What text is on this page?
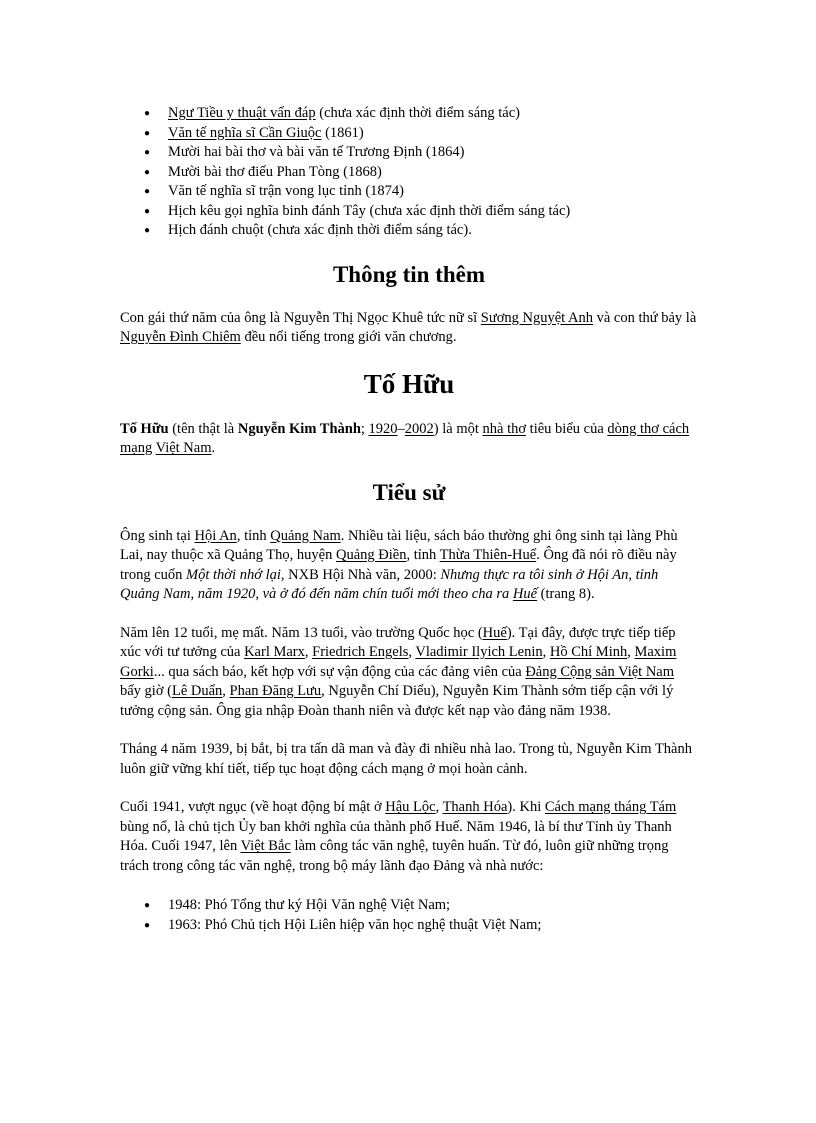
● Ngư Tiều y thuật vấn đáp (chưa xác định thời điểm sáng tác)
● Văn tế nghĩa sĩ Cần Giuộc (1861)
● Mười hai bài thơ và bài văn tế Trương Định (1864)
● Mười bài thơ điếu Phan Tòng (1868)
● Văn tế nghĩa sĩ trận vong lục tỉnh (1874)
● Hịch kêu gọi nghĩa binh đánh Tây (chưa xác định thời điểm sáng tác)
● Hịch đánh chuột (chưa xác định thời điểm sáng tác).
Thông tin thêm

Con gái thứ năm của ông là Nguyễn Thị Ngọc Khuê tức nữ sĩ Sương Nguyệt Anh và con thứ bảy là Nguyễn Đình Chiêm đều nổi tiếng trong giới văn chương.

Tố Hữu

Tố Hữu (tên thật là Nguyễn Kim Thành; 1920–2002) là một nhà thơ tiêu biểu của dòng thơ cách mạng Việt Nam.

Tiểu sử

Ông sinh tại Hội An, tỉnh Quảng Nam. Nhiều tài liệu, sách báo thường ghi ông sinh tại làng Phù Lai, nay thuộc xã Quảng Thọ, huyện Quảng Điền, tỉnh Thừa Thiên-Huế. Ông đã nói rõ điều này trong cuốn Một thời nhớ lại, NXB Hội Nhà văn, 2000: Nhưng thực ra tôi sinh ở Hội An, tỉnh Quảng Nam, năm 1920, và ở đó đến năm chín tuổi mới theo cha ra Huế (trang 8).

Năm lên 12 tuổi, mẹ mất. Năm 13 tuổi, vào trường Quốc học (Huế). Tại đây, được trực tiếp tiếp xúc với tư tưởng của Karl Marx, Friedrich Engels, Vladimir Ilyich Lenin, Hồ Chí Minh, Maxim Gorki... qua sách báo, kết hợp với sự vận động của các đảng viên của Đảng Cộng sản Việt Nam bấy giờ (Lê Duẩn, Phan Đăng Lưu, Nguyễn Chí Diểu), Nguyễn Kim Thành sớm tiếp cận với lý tưởng cộng sản. Ông gia nhập Đoàn thanh niên và được kết nạp vào đảng năm 1938.

Tháng 4 năm 1939, bị bắt, bị tra tấn dã man và đày đi nhiều nhà lao. Trong tù, Nguyễn Kim Thành luôn giữ vững khí tiết, tiếp tục hoạt động cách mạng ở mọi hoàn cảnh.

Cuối 1941, vượt ngục (về hoạt động bí mật ở Hậu Lộc, Thanh Hóa). Khi Cách mạng tháng Tám bùng nổ, là chủ tịch Ủy ban khởi nghĩa của thành phố Huế. Năm 1946, là bí thư Tỉnh ủy Thanh Hóa. Cuối 1947, lên Việt Bắc làm công tác văn nghệ, tuyên huấn. Từ đó, luôn giữ những trọng trách trong công tác văn nghệ, trong bộ máy lãnh đạo Đảng và nhà nước:

● 1948: Phó Tổng thư ký Hội Văn nghệ Việt Nam;
● 1963: Phó Chủ tịch Hội Liên hiệp văn học nghệ thuật Việt Nam;
